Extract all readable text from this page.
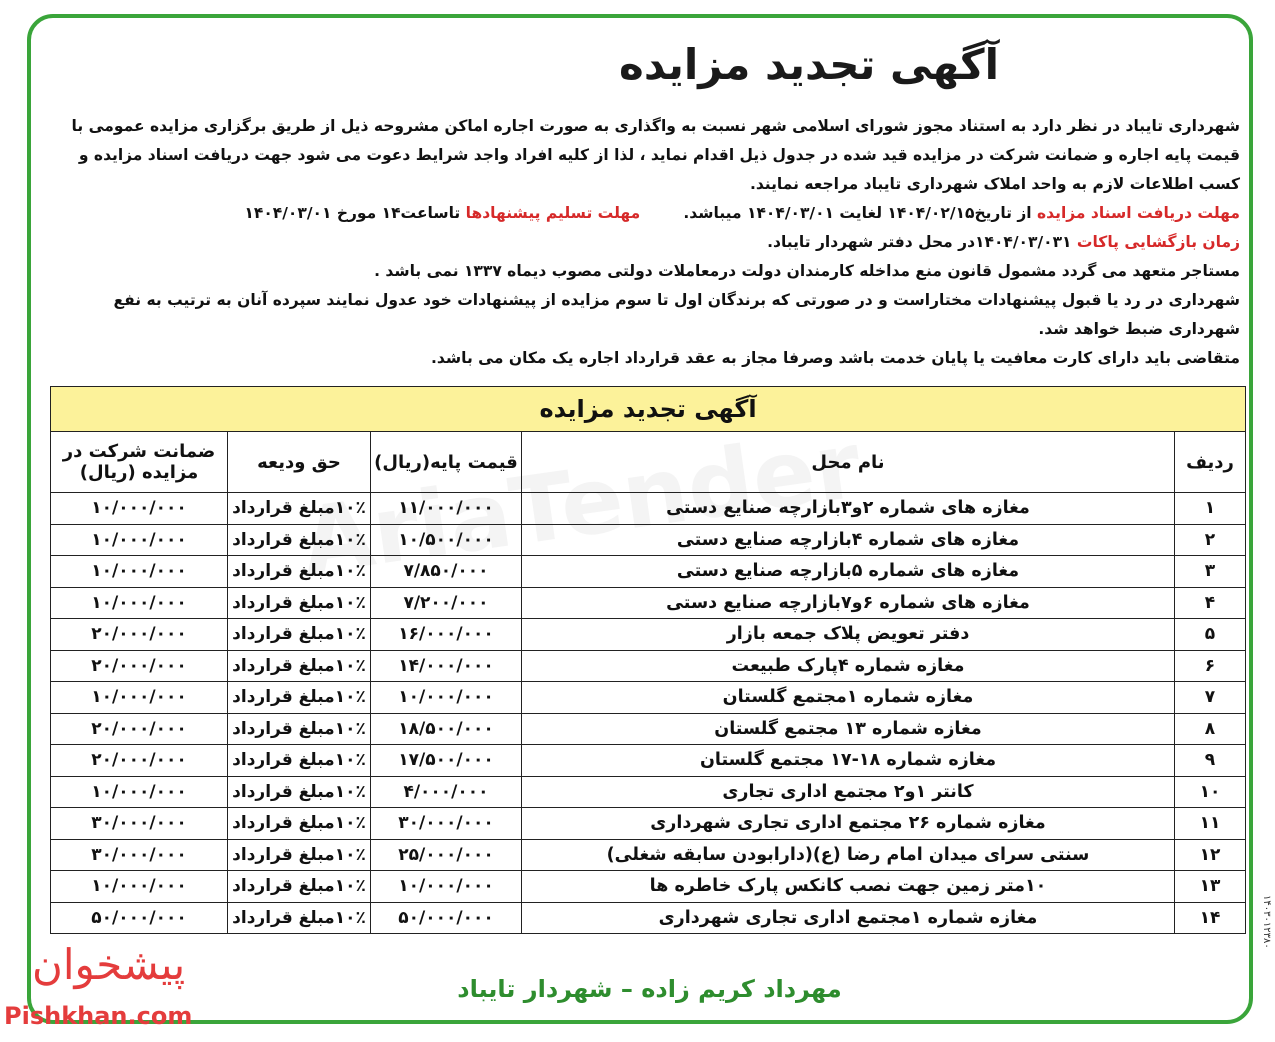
آگهی تجدید مزایده

شهرداری تایباد در نظر دارد به استناد مجوز شورای اسلامی شهر نسبت به واگذاری به صورت اجاره اماکن مشروحه ذیل از طریق برگزاری مزایده عمومی با قیمت پایه اجاره و ضمانت شرکت در مزایده قید شده در جدول ذیل اقدام نماید ، لذا از کلیه افراد واجد شرایط دعوت می شود جهت دریافت اسناد مزایده و کسب اطلاعات لازم به واحد املاک شهرداری تایباد مراجعه نمایند.

مهلت دریافت اسناد مزایده از تاریخ۱۴۰۴/۰۲/۱۵ لغایت ۱۴۰۴/۰۳/۰۱ میباشد.        مهلت تسلیم پیشنهادها تاساعت۱۴ مورخ ۱۴۰۴/۰۳/۰۱

زمان بازگشایی پاکات ۱۴۰۴/۰۳/۰۳۱در محل دفتر شهردار تایباد.

مستاجر متعهد می گردد مشمول قانون منع مداخله کارمندان دولت درمعاملات دولتی مصوب دیماه ۱۳۳۷ نمی باشد .

شهرداری در رد یا قبول پیشنهادات مختاراست و در صورتی که برندگان اول تا سوم مزایده از پیشنهادات خود عدول نمایند سپرده آنان به ترتیب به نفع شهرداری ضبط خواهد شد.

متقاضی باید دارای کارت معافیت یا پایان خدمت باشد وصرفا مجاز به عقد قرارداد اجاره یک مکان می باشد.

آگهی تجدید مزایده				
ردیف	نام محل	قیمت پایه(ریال)	حق ودیعه	ضمانت شرکت در مزایده (ریال)
۱	مغازه های شماره ۲و۳بازارچه صنایع دستی	۱۱/۰۰۰/۰۰۰	۱۰٪مبلغ قرارداد	۱۰/۰۰۰/۰۰۰
۲	مغازه های شماره ۴بازارچه صنایع دستی	۱۰/۵۰۰/۰۰۰	۱۰٪مبلغ قرارداد	۱۰/۰۰۰/۰۰۰
۳	مغازه های شماره ۵بازارچه صنایع دستی	۷/۸۵۰/۰۰۰	۱۰٪مبلغ قرارداد	۱۰/۰۰۰/۰۰۰
۴	مغازه های شماره ۶و۷بازارچه صنایع دستی	۷/۲۰۰/۰۰۰	۱۰٪مبلغ قرارداد	۱۰/۰۰۰/۰۰۰
۵	دفتر تعویض پلاک جمعه بازار	۱۶/۰۰۰/۰۰۰	۱۰٪مبلغ قرارداد	۲۰/۰۰۰/۰۰۰
۶	مغازه شماره ۴پارک طبیعت	۱۴/۰۰۰/۰۰۰	۱۰٪مبلغ قرارداد	۲۰/۰۰۰/۰۰۰
۷	مغازه شماره ۱مجتمع گلستان	۱۰/۰۰۰/۰۰۰	۱۰٪مبلغ قرارداد	۱۰/۰۰۰/۰۰۰
۸	مغازه شماره ۱۳ مجتمع گلستان	۱۸/۵۰۰/۰۰۰	۱۰٪مبلغ قرارداد	۲۰/۰۰۰/۰۰۰
۹	مغازه شماره ۱۸-۱۷ مجتمع گلستان	۱۷/۵۰۰/۰۰۰	۱۰٪مبلغ قرارداد	۲۰/۰۰۰/۰۰۰
۱۰	کانتر ۱و۲ مجتمع اداری تجاری	۴/۰۰۰/۰۰۰	۱۰٪مبلغ قرارداد	۱۰/۰۰۰/۰۰۰
۱۱	مغازه شماره ۲۶ مجتمع اداری تجاری شهرداری	۳۰/۰۰۰/۰۰۰	۱۰٪مبلغ قرارداد	۳۰/۰۰۰/۰۰۰
۱۲	سنتی سرای میدان امام رضا (ع)(دارابودن سابقه شغلی)	۲۵/۰۰۰/۰۰۰	۱۰٪مبلغ قرارداد	۳۰/۰۰۰/۰۰۰
۱۳	۱۰متر زمین جهت نصب کانکس پارک خاطره ها	۱۰/۰۰۰/۰۰۰	۱۰٪مبلغ قرارداد	۱۰/۰۰۰/۰۰۰
۱۴	مغازه شماره ۱مجتمع اداری تجاری شهرداری	۵۰/۰۰۰/۰۰۰	۱۰٪مبلغ قرارداد	۵۰/۰۰۰/۰۰۰
مهرداد کریم زاده – شهردار تایباد
پیشخوان
Pishkhan.com
۱۴۰۳۰۱۲۳۸۰
